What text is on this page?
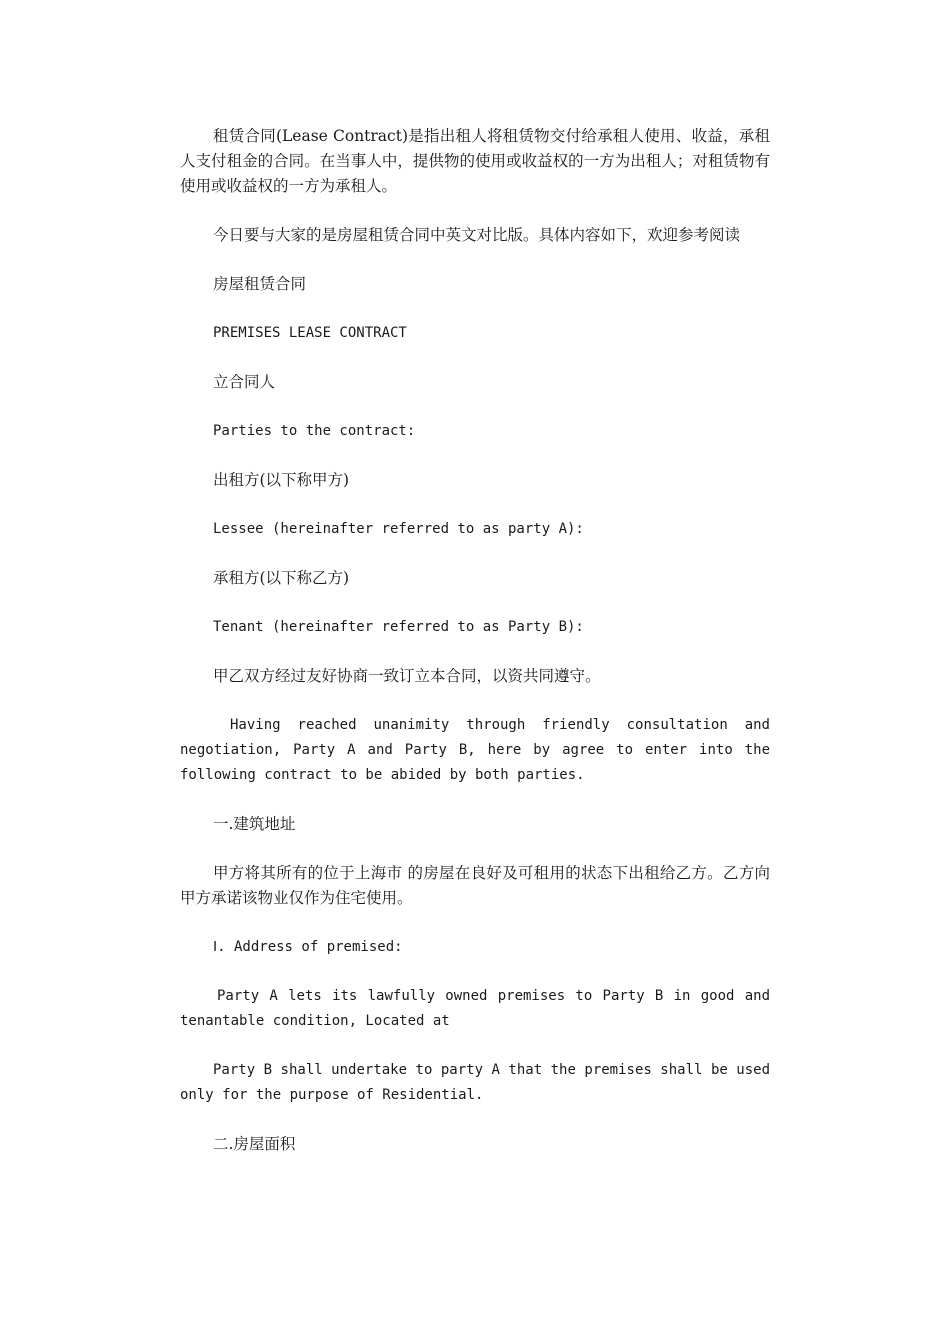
租赁合同(Lease Contract)是指出租人将租赁物交付给承租人使用、收益，承租人支付租金的合同。在当事人中，提供物的使用或收益权的一方为出租人；对租赁物有使用或收益权的一方为承租人。

今日要与大家的是房屋租赁合同中英文对比版。具体内容如下，欢迎参考阅读

房屋租赁合同

PREMISES LEASE CONTRACT

立合同人

Parties to the contract:

出租方(以下称甲方)

Lessee (hereinafter referred to as party A):

承租方(以下称乙方)

Tenant (hereinafter referred to as Party B):

甲乙双方经过友好协商一致订立本合同，以资共同遵守。

Having reached unanimity through friendly consultation and negotiation, Party A and Party B, here by agree to enter into the following contract to be abided by both parties.

一.建筑地址

甲方将其所有的位于上海市 的房屋在良好及可租用的状态下出租给乙方。乙方向甲方承诺该物业仅作为住宅使用。

Ⅰ. Address of premised:

Party A lets its lawfully owned premises to Party B in good and tenantable condition, Located at

Party B shall undertake to party A that the premises shall be used only for the purpose of Residential.

二.房屋面积
